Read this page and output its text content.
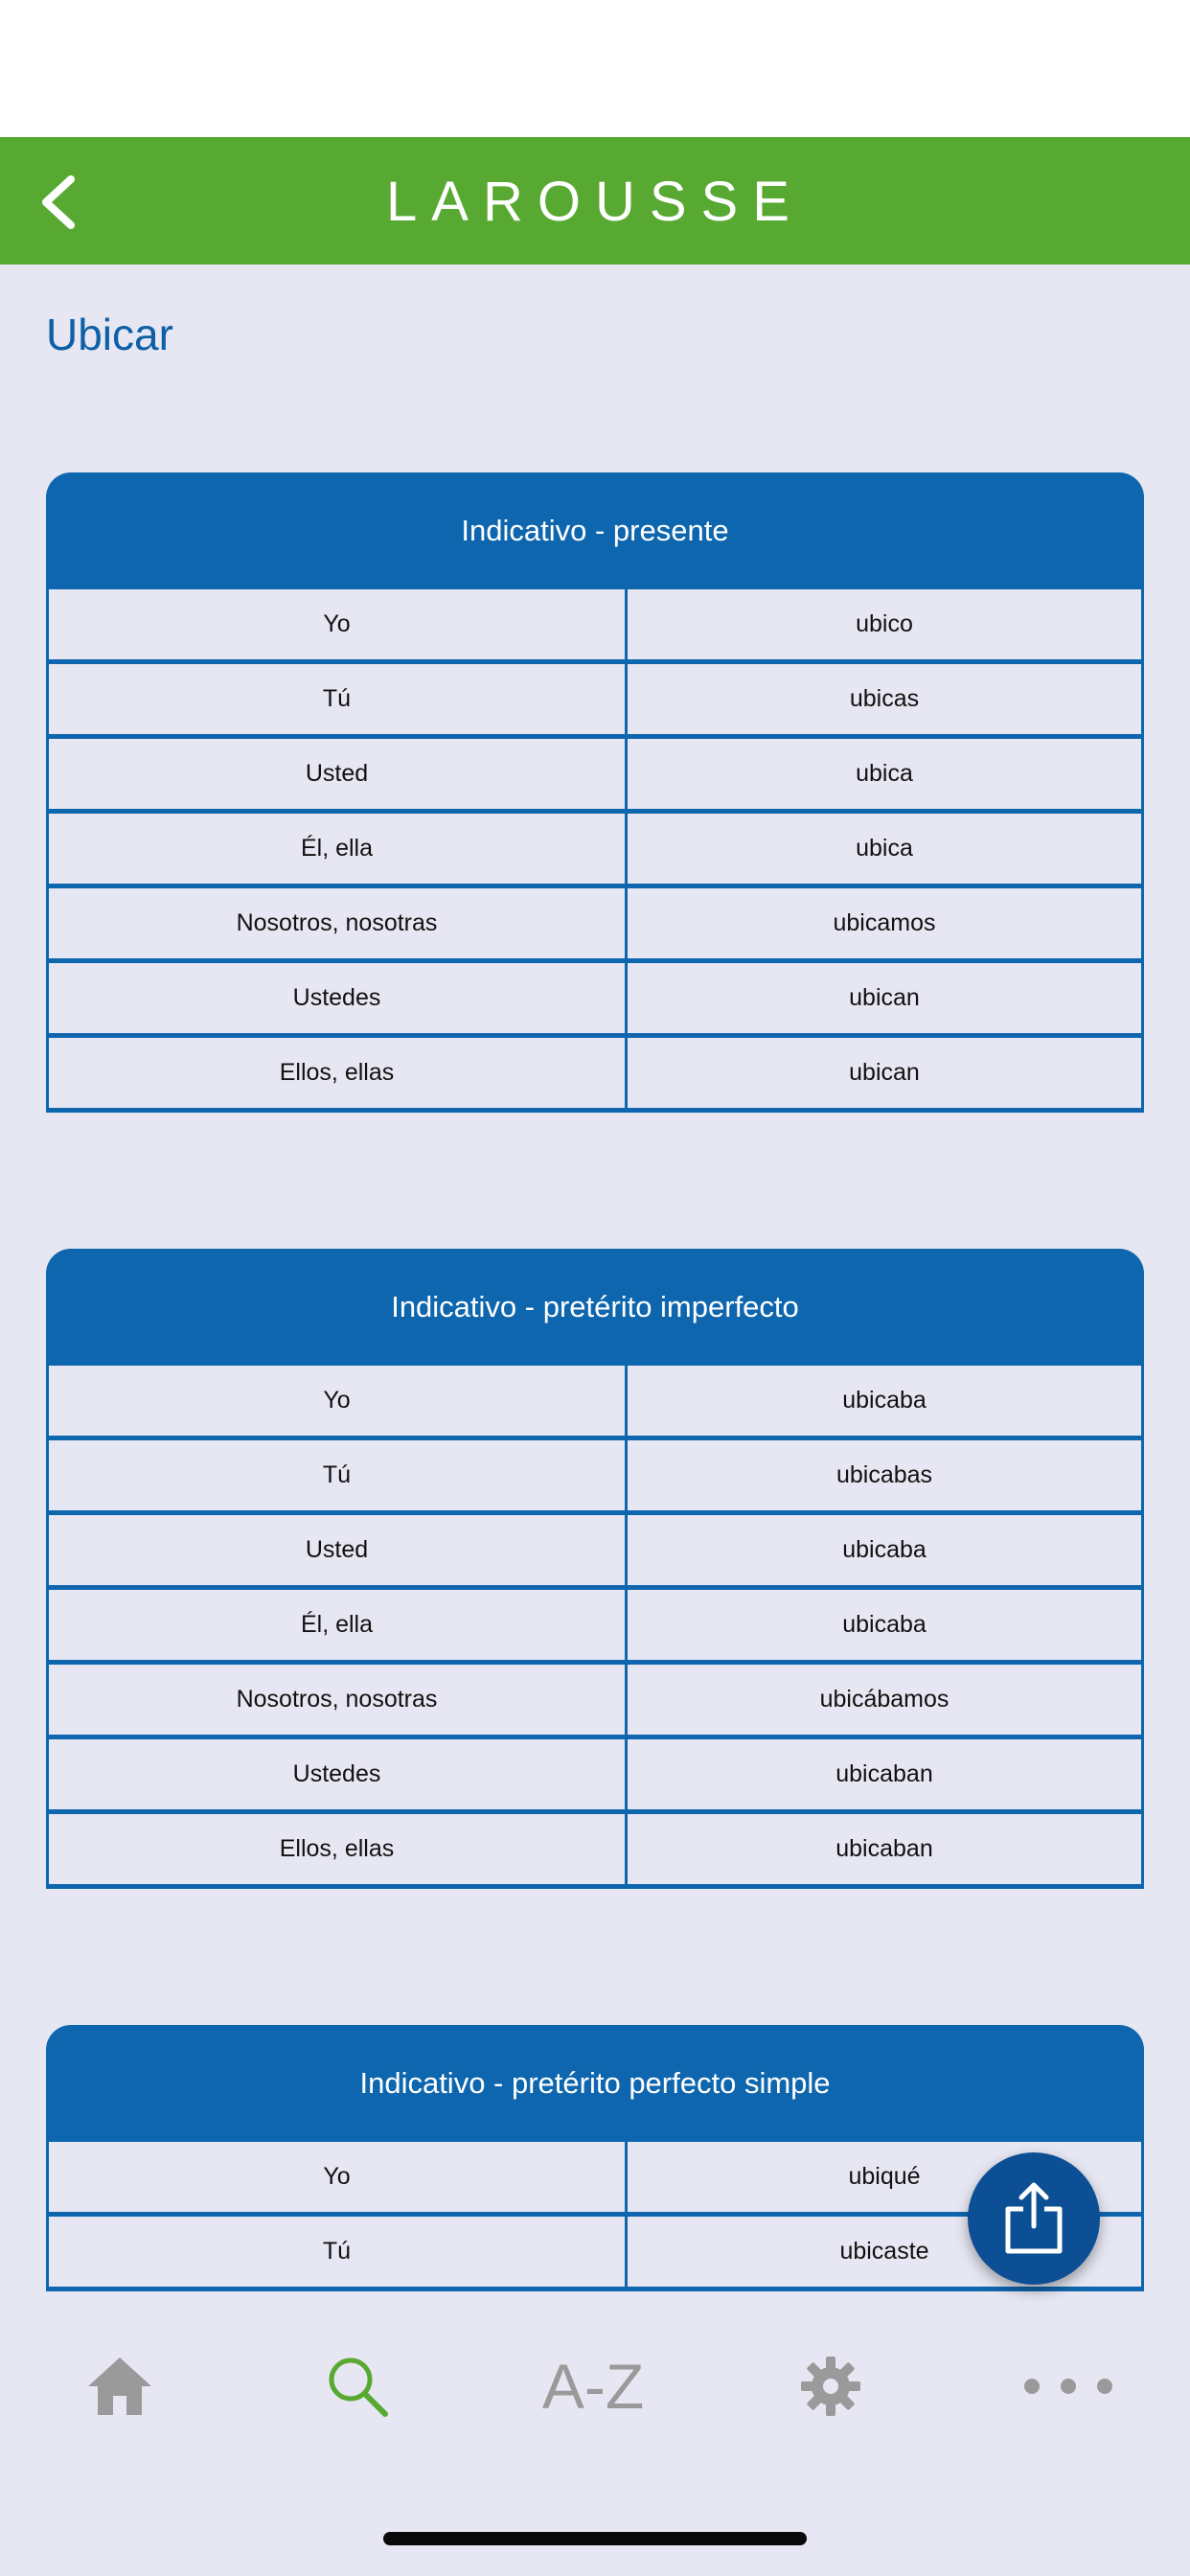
LAROUSSE
Ubicar
Indicativo - presente
Yo	ubico
Tú	ubicas
Usted	ubica
Él, ella	ubica
Nosotros, nosotras	ubicamos
Ustedes	ubican
Ellos, ellas	ubican
Indicativo - pretérito imperfecto
Yo	ubicaba
Tú	ubicabas
Usted	ubicaba
Él, ella	ubicaba
Nosotros, nosotras	ubicábamos
Ustedes	ubicaban
Ellos, ellas	ubicaban
Indicativo - pretérito perfecto simple
Yo	ubiqué
Tú	ubicaste
A-Z
